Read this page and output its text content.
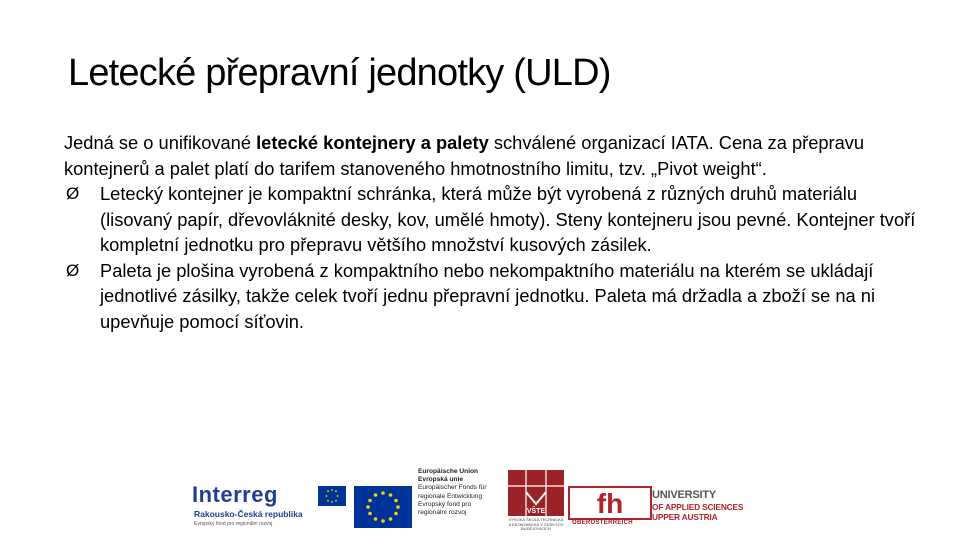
Letecké přepravní jednotky (ULD)

Jedná se o unifikované letecké kontejnery a palety schválené organizací IATA. Cena za přepravu kontejnerů a palet platí do tarifem stanoveného hmotnostního limitu, tzv. „Pivot weight“.

Ø Letecký kontejner je kompaktní schránka, která může být vyrobená z různých druhů materiálu (lisovaný papír, dřevovláknité desky, kov, umělé hmoty). Steny kontejneru jsou pevné. Kontejner tvoří kompletní jednotku pro přepravu většího množství kusových zásilek.
Ø Paleta je plošina vyrobená z kompaktního nebo nekompaktního materiálu na kterém se ukládají jednotlivé zásilky, takže celek tvoří jednu přepravní jednotku. Paleta má držadla a zboží se na ni upevňuje pomocí síťovin.
Interreg
Rakousko-Česká republika
Evropský fond pro regionální rozvoj
Europäische Union
Evropská unie
Europäischer Fonds für
regionale Entwicklung
Evropský fond pro
regionální rozvoj	VŠTE
VYSOKÁ ŠKOLA TECHNICKÁ A EKONOMICKÁ V ČESKÝCH BUDĚJOVICÍCH
fh
OBERÖSTERREICH
UNIVERSITY
OF APPLIED SCIENCES
UPPER AUSTRIA
